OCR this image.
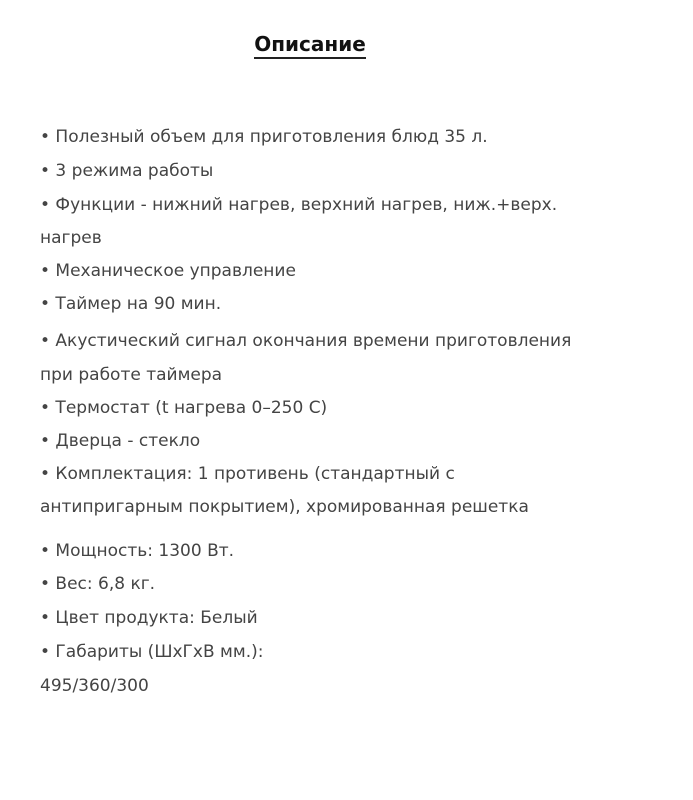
Описание
• Полезный объем для приготовления блюд 35 л.
• 3 режима работы
• Функции - нижний нагрев, верхний нагрев, ниж.+верх.
нагрев
• Механическое управление
• Таймер на 90 мин.
• Акустический сигнал окончания времени приготовления
при работе таймера
• Термостат (t нагрева 0–250 C)
• Дверца - стекло
• Комплектация: 1 противень (стандартный с
антипригарным покрытием), хромированная решетка
• Мощность: 1300 Вт.
• Вес: 6,8 кг.
• Цвет продукта: Белый
• Габариты (ШхГхВ мм.):
495/360/300
